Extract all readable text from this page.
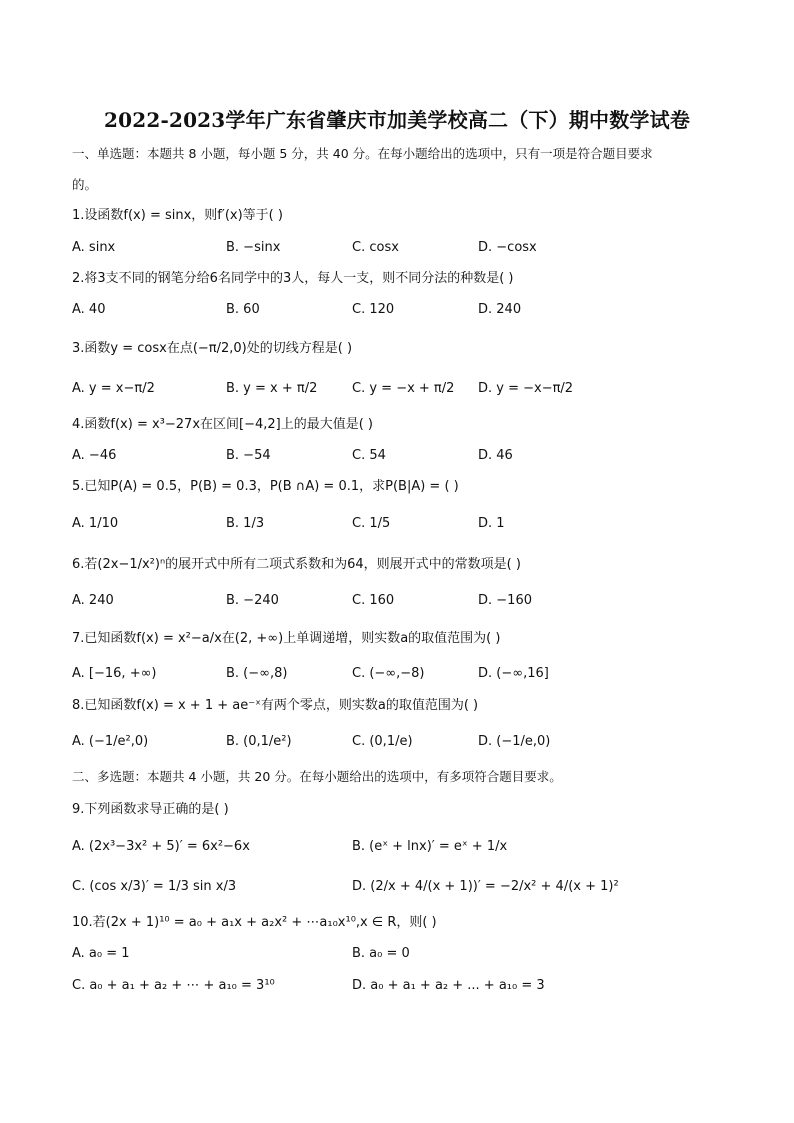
2022-2023学年广东省肇庆市加美学校高二（下）期中数学试卷
一、单选题：本题共 8 小题，每小题 5 分，共 40 分。在每小题给出的选项中，只有一项是符合题目要求
的。
1.设函数f(x) = sinx，则f′(x)等于( )
A. sinx	B. −sinx	C. cosx	D. −cosx
2.将3支不同的钢笔分给6名同学中的3人，每人一支，则不同分法的种数是( )
A. 40	B. 60	C. 120	D. 240
3.函数y = cosx在点(−π/2,0)处的切线方程是( )
A. y = x−π/2	B. y = x + π/2	C. y = −x + π/2 D. y = −x−π/2
4.函数f(x) = x³−27x在区间[−4,2]上的最大值是( )
A. −46	B. −54	C. 54	D. 46
5.已知P(A) = 0.5，P(B) = 0.3，P(B ∩A) = 0.1，求P(B|A) = ( )
A. 1/10	B. 1/3	C. 1/5	D. 1
6.若(2x−1/x²)ⁿ的展开式中所有二项式系数和为64，则展开式中的常数项是( )
A. 240	B. −240	C. 160	D. −160
7.已知函数f(x) = x²−a/x在(2, +∞)上单调递增，则实数a的取值范围为( )
A. [−16, +∞)	B. (−∞,8)	C. (−∞,−8)	D. (−∞,16]
8.已知函数f(x) = x + 1 + ae⁻ˣ有两个零点，则实数a的取值范围为( )
A. (−1/e²,0)	B. (0,1/e²)	C. (0,1/e)	D. (−1/e,0)
二、多选题：本题共 4 小题，共 20 分。在每小题给出的选项中，有多项符合题目要求。
9.下列函数求导正确的是( )
A. (2x³−3x² + 5)′ = 6x²−6x	B. (eˣ + lnx)′ = eˣ + 1/x
C. (cos x/3)′ = 1/3 sin x/3	D. (2/x + 4/(x + 1))′ = −2/x² + 4/(x + 1)²
10.若(2x + 1)¹⁰ = a₀ + a₁x + a₂x² + ⋯a₁₀x¹⁰,x ∈ R，则( )
A. a₀ = 1	B. a₀ = 0
C. a₀ + a₁ + a₂ + ⋯ + a₁₀ = 3¹⁰	D. a₀ + a₁ + a₂ + ... + a₁₀ = 3
